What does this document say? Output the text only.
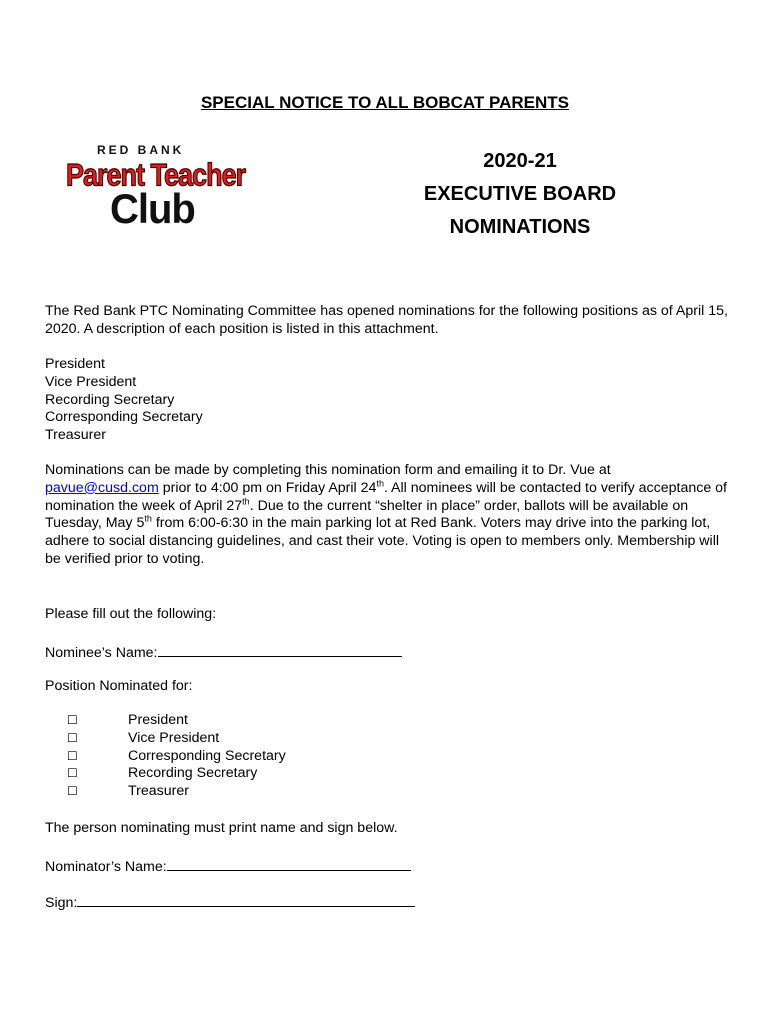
SPECIAL NOTICE TO ALL BOBCAT PARENTS
RED BANK
Parent Teacher
Club
2020-21
EXECUTIVE BOARD
NOMINATIONS

The Red Bank PTC Nominating Committee has opened nominations for the following positions as of April 15, 2020. A description of each position is listed in this attachment.

President
Vice President
Recording Secretary
Corresponding Secretary
Treasurer

Nominations can be made by completing this nomination form and emailing it to Dr. Vue at
pavue@cusd.com prior to 4:00 pm on Friday April 24th. All nominees will be contacted to verify acceptance of nomination the week of April 27th. Due to the current “shelter in place” order, ballots will be available on Tuesday, May 5th from 6:00-6:30 in the main parking lot at Red Bank. Voters may drive into the parking lot, adhere to social distancing guidelines, and cast their vote. Voting is open to members only. Membership will be verified prior to voting.

Please fill out the following:
Nominee’s Name:
Position Nominated for:
☐	President
☐	Vice President
☐	Corresponding Secretary
☐	Recording Secretary
☐	Treasurer
The person nominating must print name and sign below.
Nominator’s Name:
Sign:
